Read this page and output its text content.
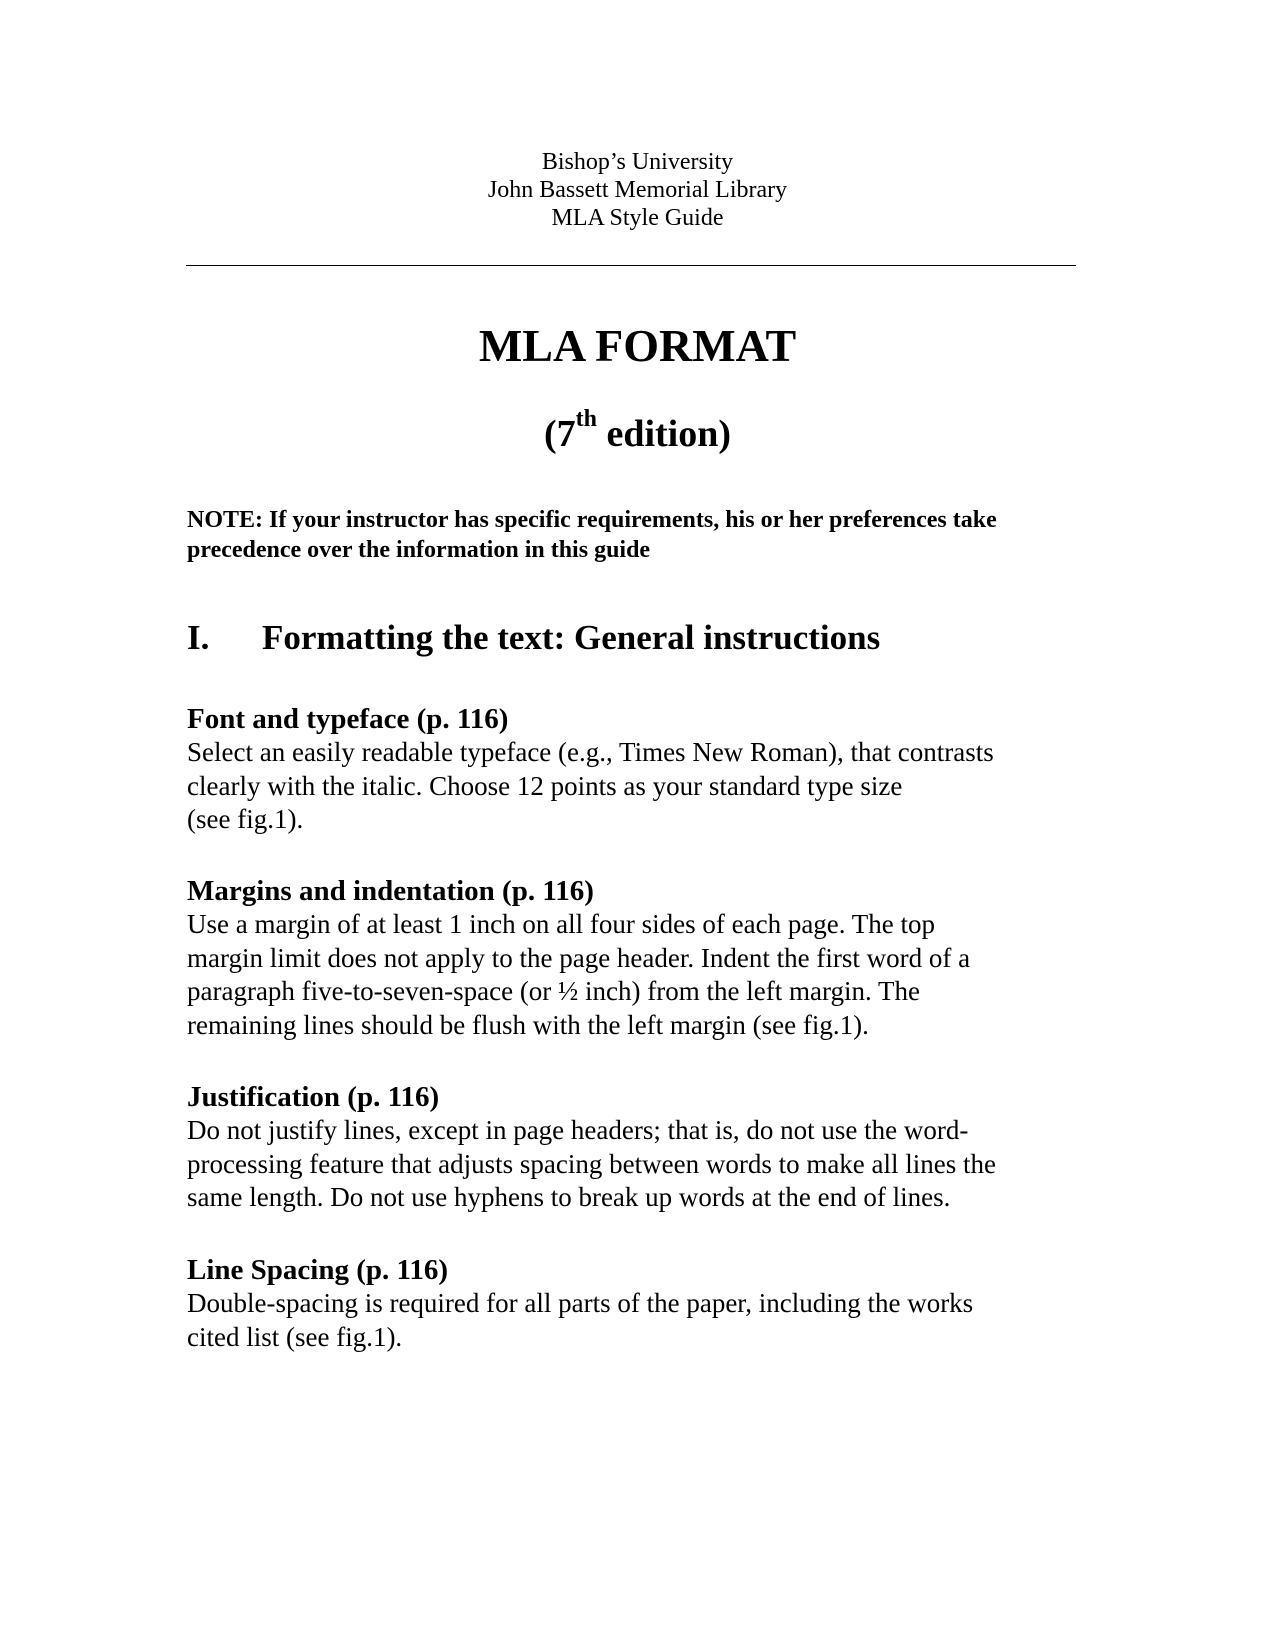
Bishop’s University
John Bassett Memorial Library
MLA Style Guide
MLA FORMAT
(7th edition)

NOTE: If your instructor has specific requirements, his or her preferences take
precedence over the information in this guide

I. Formatting the text: General instructions
Font and typeface (p. 116)
Select an easily readable typeface (e.g., Times New Roman), that contrasts
clearly with the italic. Choose 12 points as your standard type size
(see fig.1).
Margins and indentation (p. 116)
Use a margin of at least 1 inch on all four sides of each page. The top
margin limit does not apply to the page header. Indent the first word of a
paragraph five-to-seven-space (or ½ inch) from the left margin. The
remaining lines should be flush with the left margin (see fig.1).
Justification (p. 116)
Do not justify lines, except in page headers; that is, do not use the word-
processing feature that adjusts spacing between words to make all lines the
same length. Do not use hyphens to break up words at the end of lines.
Line Spacing (p. 116)
Double-spacing is required for all parts of the paper, including the works
cited list (see fig.1).
